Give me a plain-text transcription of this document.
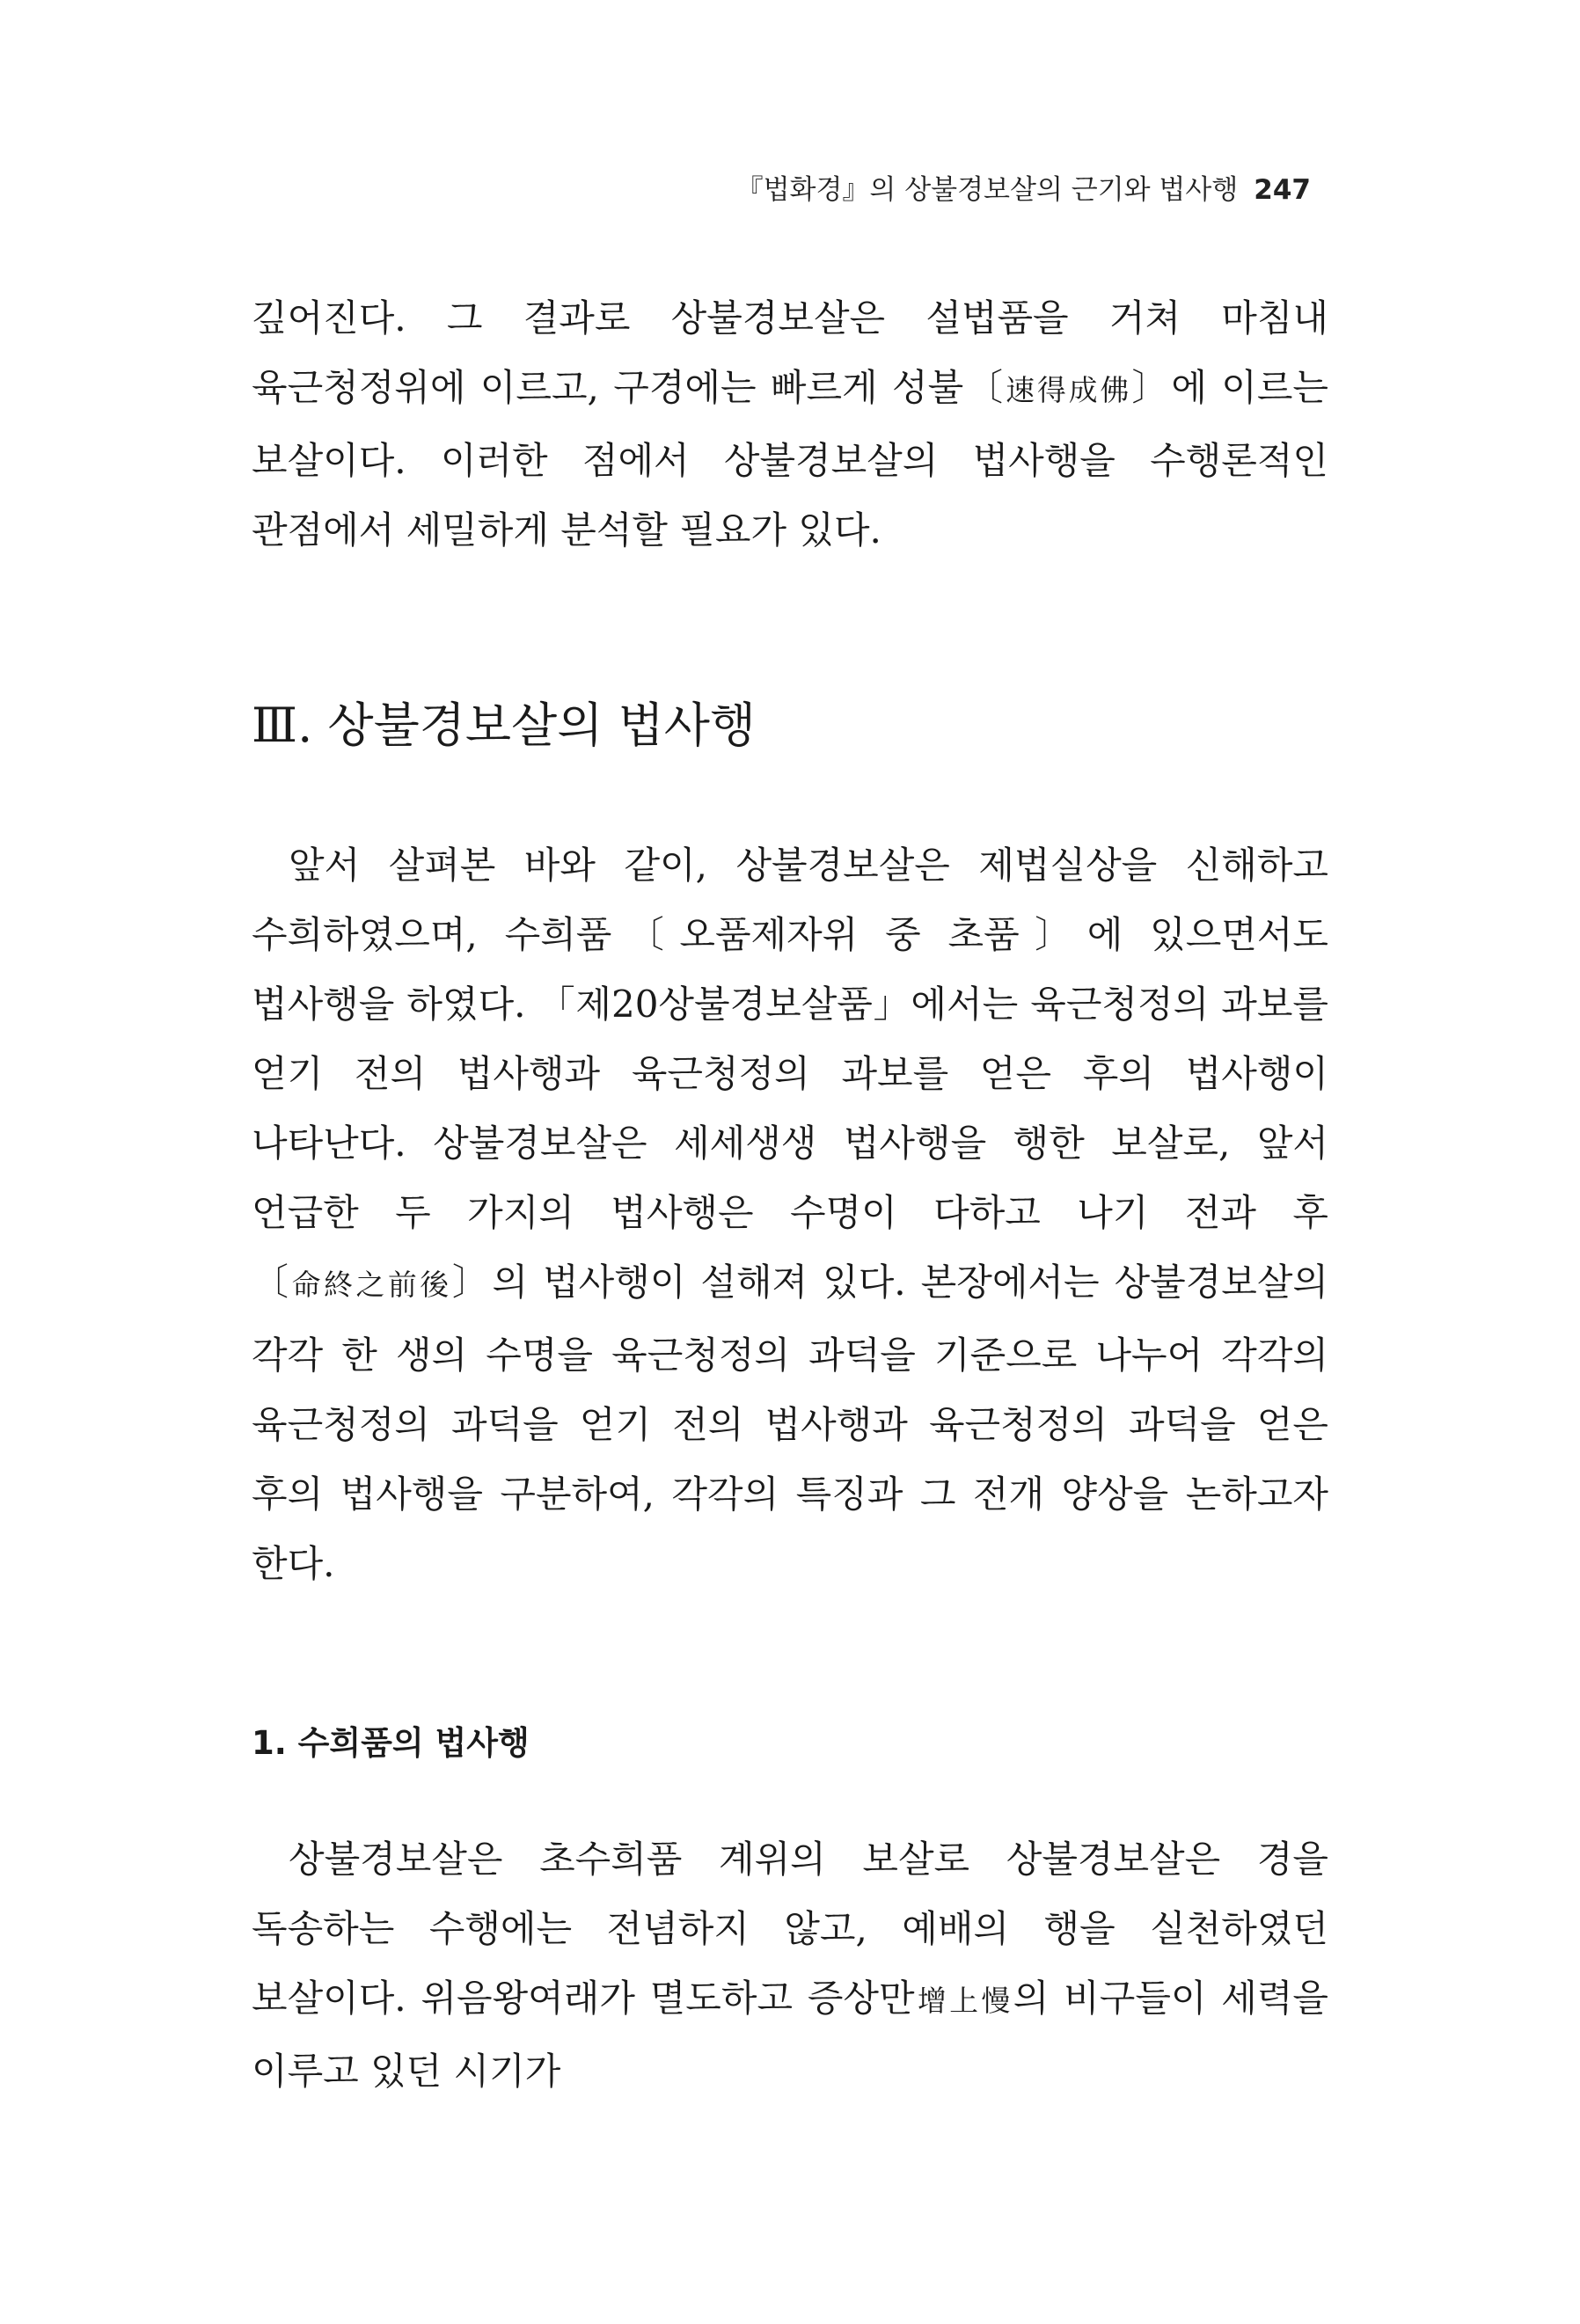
『법화경』의 상불경보살의 근기와 법사행 247

깊어진다. 그 결과로 상불경보살은 설법품을 거쳐 마침내 육근청정위에 이르고, 구경에는 빠르게 성불〔速得成佛〕에 이르는 보살이다. 이러한 점에서 상불경보살의 법사행을 수행론적인 관점에서 세밀하게 분석할 필요가 있다.

Ⅲ. 상불경보살의 법사행

앞서 살펴본 바와 같이, 상불경보살은 제법실상을 신해하고 수희하였으며, 수희품〔오품제자위 중 초품〕에 있으면서도 법사행을 하였다. 「제20상불경보살품」에서는 육근청정의 과보를 얻기 전의 법사행과 육근청정의 과보를 얻은 후의 법사행이 나타난다. 상불경보살은 세세생생 법사행을 행한 보살로, 앞서 언급한 두 가지의 법사행은 수명이 다하고 나기 전과 후〔命終之前後〕의 법사행이 설해져 있다. 본장에서는 상불경보살의 각각 한 생의 수명을 육근청정의 과덕을 기준으로 나누어 각각의 육근청정의 과덕을 얻기 전의 법사행과 육근청정의 과덕을 얻은 후의 법사행을 구분하여, 각각의 특징과 그 전개 양상을 논하고자 한다.

1. 수희품의 법사행

상불경보살은 초수희품 계위의 보살로 상불경보살은 경을 독송하는 수행에는 전념하지 않고, 예배의 행을 실천하였던 보살이다. 위음왕여래가 멸도하고 증상만增上慢의 비구들이 세력을 이루고 있던 시기가
